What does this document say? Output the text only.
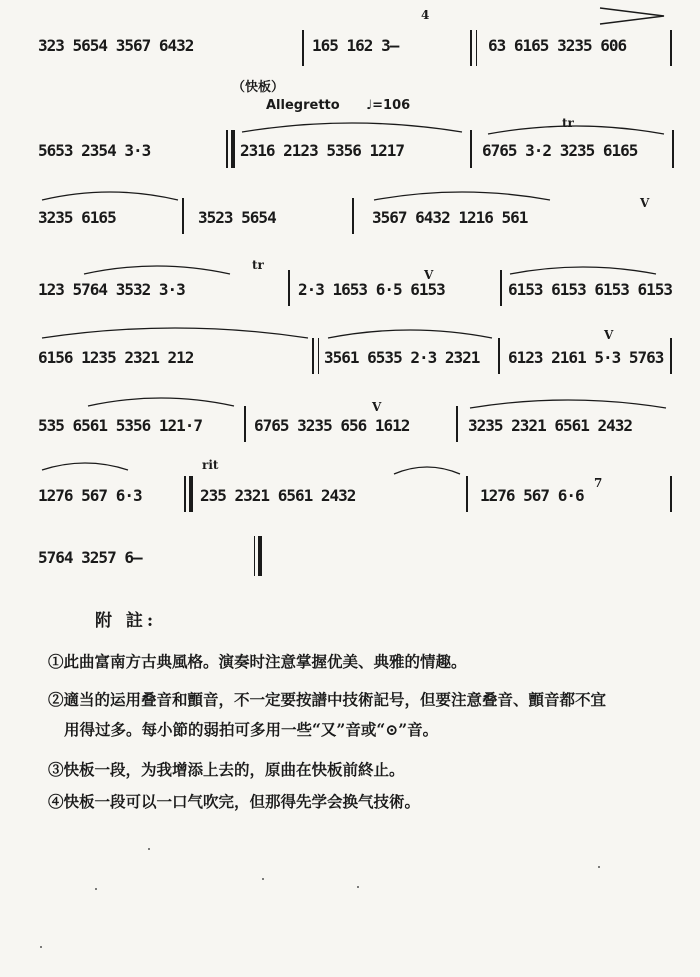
323 5654 3567 6432	165 162 3—
4
63 6165 3235 606
（快板）
Allegretto ♩=106
5653 2354 3·3	2316 2123 5356 1217	6765 3·2 3235 6165
tr
3235 6165	3523 5654	3567 6432 1216 561
V
123 5764 3532 3·3	2·3 1653 6·5 6153
tr
V
6153 6153 6153 6153
6156 1235 2321 212	3561 6535 2·3 2321 6123 2161 5·3 5763
V
535 6561 5356 121·7	6765 3235 656 1612
V
3235 2321 6561 2432
1276 567 6·3
rit
235 2321 6561 2432	1276 567 6·6
7
5764 3257 6—
附 註:
①此曲富南方古典風格。演奏时注意掌握优美、典雅的情趣。
②適当的运用叠音和顫音，不一定要按譜中技術記号，但要注意叠音、顫音都不宜
用得过多。每小節的弱拍可多用一些“又”音或“⊙”音。
③快板一段，为我增添上去的，原曲在快板前終止。
④快板一段可以一口气吹完，但那得先学会换气技術。
